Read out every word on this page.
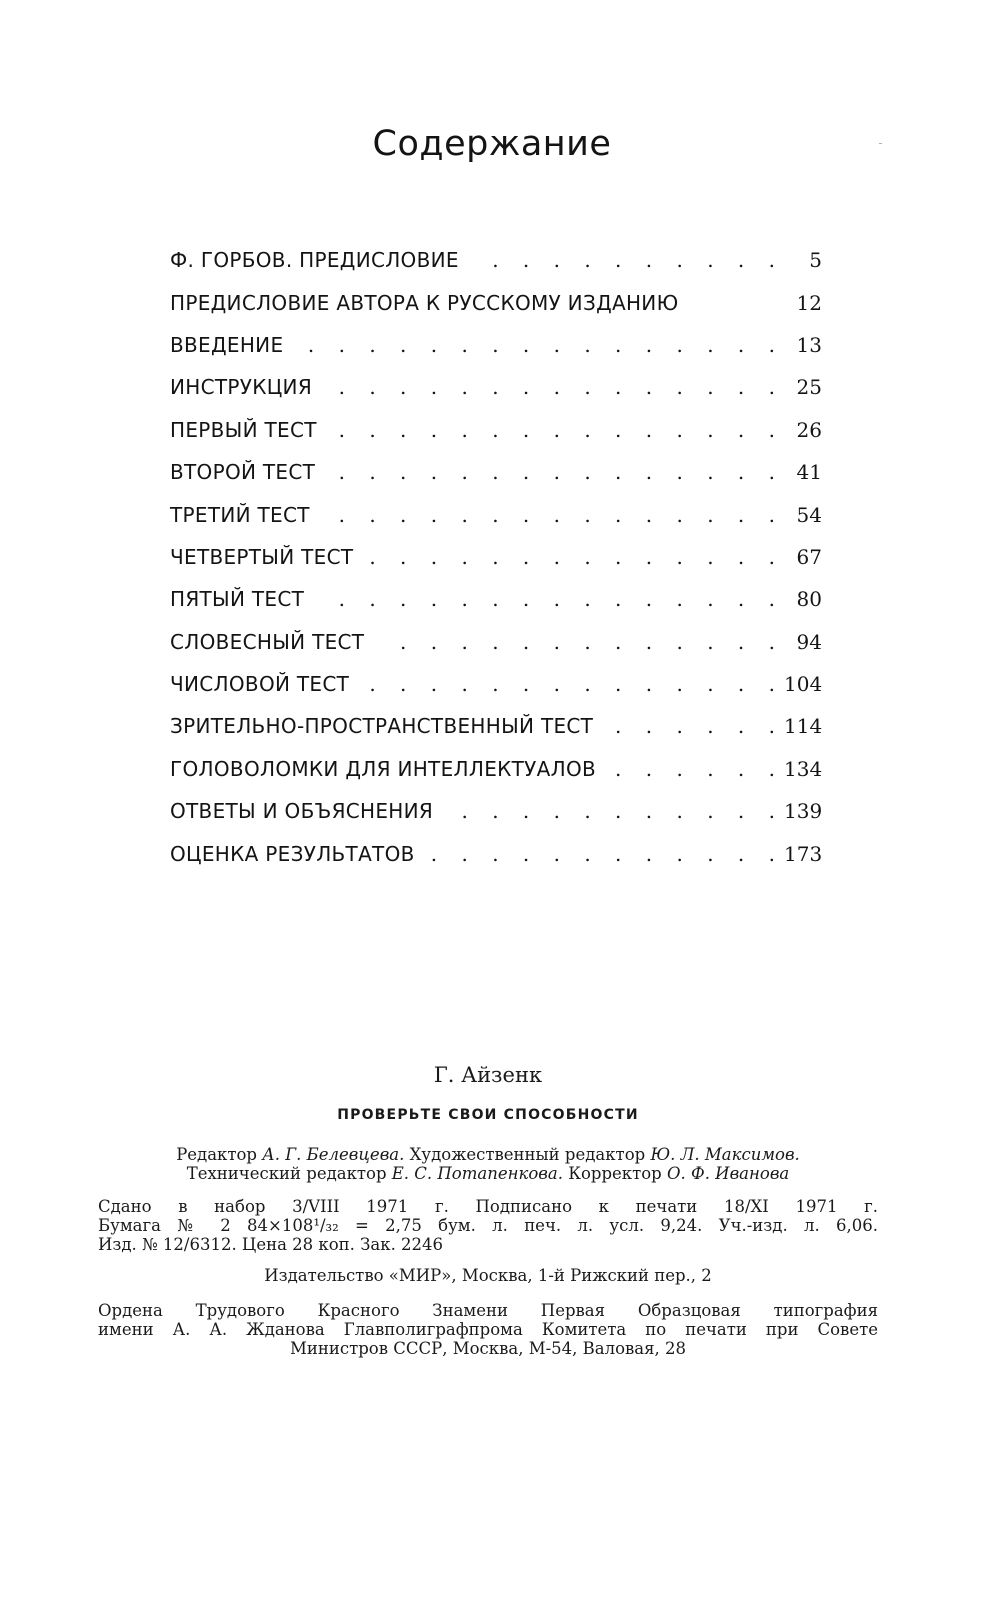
Содержание
Ф. ГОРБОВ. ПРЕДИСЛОВИЕ . . .	5
ПРЕДИСЛОВИЕ АВТОРА К РУССКОМУ ИЗДАНИЮ	12
ВВЕДЕНИЕ . . .	13
ИНСТРУКЦИЯ . . .	25
ПЕРВЫЙ ТЕСТ . . .	26
ВТОРОЙ ТЕСТ . . .	41
ТРЕТИЙ ТЕСТ . . .	54
ЧЕТВЕРТЫЙ ТЕСТ . . .	67
ПЯТЫЙ ТЕСТ . . .	80
СЛОВЕСНЫЙ ТЕСТ . . .	94
ЧИСЛОВОЙ ТЕСТ . . .	104
ЗРИТЕЛЬНО-ПРОСТРАНСТВЕННЫЙ ТЕСТ . . .	114
ГОЛОВОЛОМКИ ДЛЯ ИНТЕЛЛЕКТУАЛОВ . . .	134
ОТВЕТЫ И ОБЪЯСНЕНИЯ . . .	139
ОЦЕНКА РЕЗУЛЬТАТОВ . . .	173

Г. Айзенк

ПРОВЕРЬТЕ СВОИ СПОСОБНОСТИ

Редактор А. Г. Белевцева. Художественный редактор Ю. Л. Максимов.
Технический редактор Е. С. Потапенкова. Корректор О. Ф. Иванова

Сдано в набор 3/VIII 1971 г. Подписано к печати 18/XI 1971 г.
Бумага № 2 84×108¹/₃₂ = 2,75 бум. л. печ. л. усл. 9,24. Уч.-изд. л. 6,06.
Изд. № 12/6312. Цена 28 коп. Зак. 2246

Издательство «МИР», Москва, 1-й Рижский пер., 2

Ордена Трудового Красного Знамени Первая Образцовая типография
имени А. А. Жданова Главполиграфпрома Комитета по печати при Совете
Министров СССР, Москва, М-54, Валовая, 28
